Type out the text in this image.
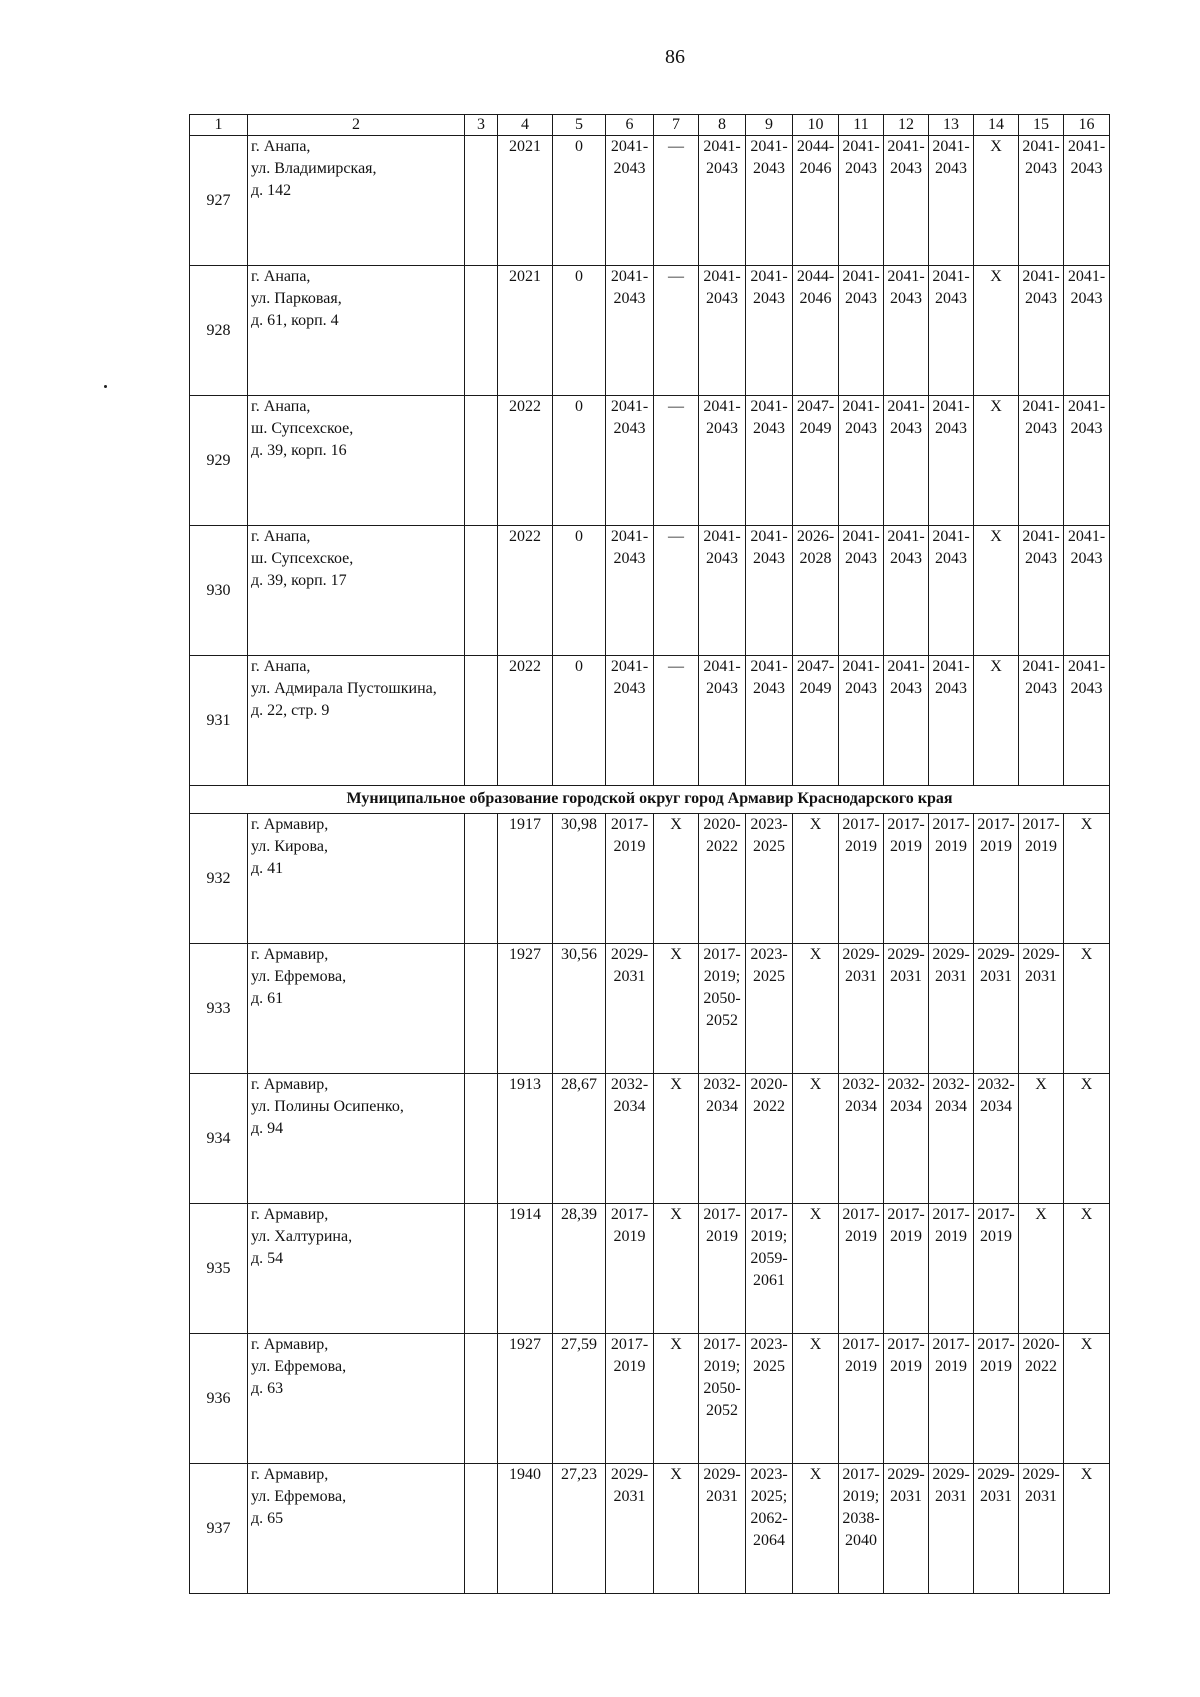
86
1	2	3	4	5	6	7	8	9	10	11	12	13	14	15	16
927	г. Анапа,
ул. Владимирская,
д. 142		2021	0	2041-
2043	—	2041-
2043	2041-
2043	2044-
2046	2041-
2043	2041-
2043	2041-
2043	X	2041-
2043	2041-
2043

928	г. Анапа,
ул. Парковая,
д. 61, корп. 4		2021	0	2041-
2043	—	2041-
2043	2041-
2043	2044-
2046	2041-
2043	2041-
2043	2041-
2043	X	2041-
2043	2041-
2043

929	г. Анапа,
ш. Супсехское,
д. 39, корп. 16		2022	0	2041-
2043	—	2041-
2043	2041-
2043	2047-
2049	2041-
2043	2041-
2043	2041-
2043	X	2041-
2043	2041-
2043

930	г. Анапа,
ш. Супсехское,
д. 39, корп. 17		2022	0	2041-
2043	—	2041-
2043	2041-
2043	2026-
2028	2041-
2043	2041-
2043	2041-
2043	X	2041-
2043	2041-
2043

931	г. Анапа,
ул. Адмирала Пустошкина,
д. 22, стр. 9		2022	0	2041-
2043	—	2041-
2043	2041-
2043	2047-
2049	2041-
2043	2041-
2043	2041-
2043	X	2041-
2043	2041-
2043

Муниципальное образование городской округ город Армавир Краснодарского края															
932	г. Армавир,
ул. Кирова,
д. 41		1917	30,98	2017-
2019	X	2020-
2022	2023-
2025	X	2017-
2019	2017-
2019	2017-
2019	2017-
2019	2017-
2019	X

933	г. Армавир,
ул. Ефремова,
д. 61		1927	30,56	2029-
2031	X	2017-
2019;
2050-
2052	2023-
2025	X	2029-
2031	2029-
2031	2029-
2031	2029-
2031	2029-
2031	X

934	г. Армавир,
ул. Полины Осипенко,
д. 94		1913	28,67	2032-
2034	X	2032-
2034	2020-
2022	X	2032-
2034	2032-
2034	2032-
2034	2032-
2034	X	X

935	г. Армавир,
ул. Халтурина,
д. 54		1914	28,39	2017-
2019	X	2017-
2019	2017-
2019;
2059-
2061	X	2017-
2019	2017-
2019	2017-
2019	2017-
2019	X	X

936	г. Армавир,
ул. Ефремова,
д. 63		1927	27,59	2017-
2019	X	2017-
2019;
2050-
2052	2023-
2025	X	2017-
2019	2017-
2019	2017-
2019	2017-
2019	2020-
2022	X

937	г. Армавир,
ул. Ефремова,
д. 65		1940	27,23	2029-
2031	X	2029-
2031	2023-
2025;
2062-
2064	X	2017-
2019;
2038-
2040	2029-
2031	2029-
2031	2029-
2031	2029-
2031	X
